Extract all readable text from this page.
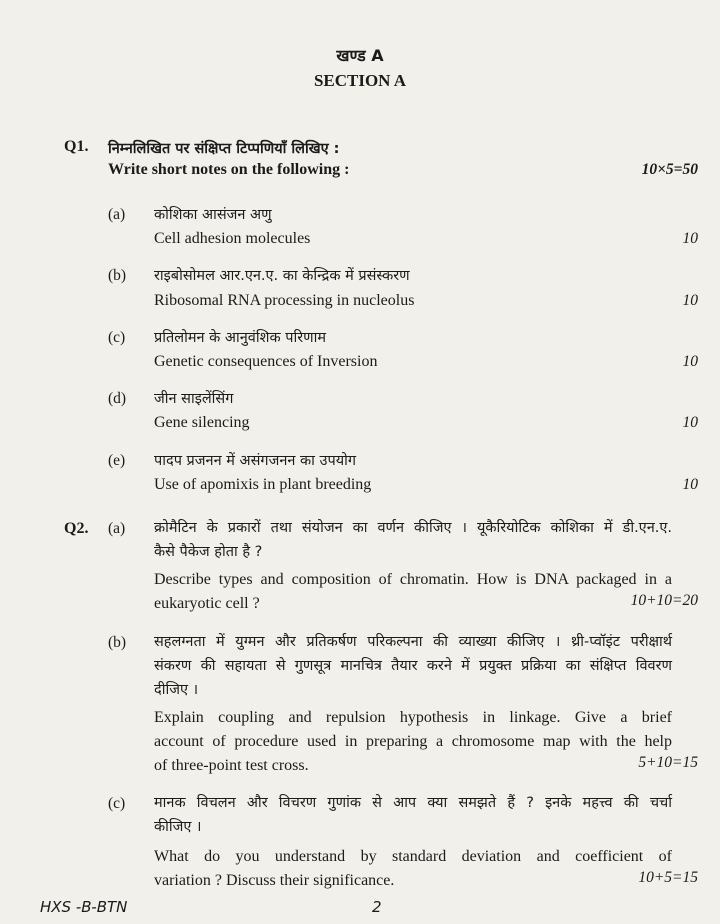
खण्ड A
SECTION A
Q1. निम्नलिखित पर संक्षिप्त टिप्पणियाँ लिखिए :
Write short notes on the following :	10×5=50
(a) कोशिका आसंजन अणु
Cell adhesion molecules	10
(b) राइबोसोमल आर.एन.ए. का केन्द्रिक में प्रसंस्करण
Ribosomal RNA processing in nucleolus	10
(c) प्रतिलोमन के आनुवंशिक परिणाम
Genetic consequences of Inversion	10
(d) जीन साइलेंसिंग
Gene silencing	10
(e) पादप प्रजनन में असंगजनन का उपयोग
Use of apomixis in plant breeding	10
Q2. (a) क्रोमैटिन के प्रकारों तथा संयोजन का वर्णन कीजिए । यूकैरियोटिक कोशिका में डी.एन.ए.
कैसे पैकेज होता है ?
Describe types and composition of chromatin. How is DNA packaged in a
eukaryotic cell ?	10+10=20
(b) सहलग्नता में युग्मन और प्रतिकर्षण परिकल्पना की व्याख्या कीजिए । थ्री-प्वॉइंट परीक्षार्थ
संकरण की सहायता से गुणसूत्र मानचित्र तैयार करने में प्रयुक्त प्रक्रिया का संक्षिप्त विवरण
दीजिए ।
Explain coupling and repulsion hypothesis in linkage. Give a brief
account of procedure used in preparing a chromosome map with the help
of three-point test cross.	5+10=15
(c) मानक विचलन और विचरण गुणांक से आप क्या समझते हैं ? इनके महत्त्व की चर्चा
कीजिए ।
What do you understand by standard deviation and coefficient of
variation ? Discuss their significance.	10+5=15
HXS -B-BTN	2
